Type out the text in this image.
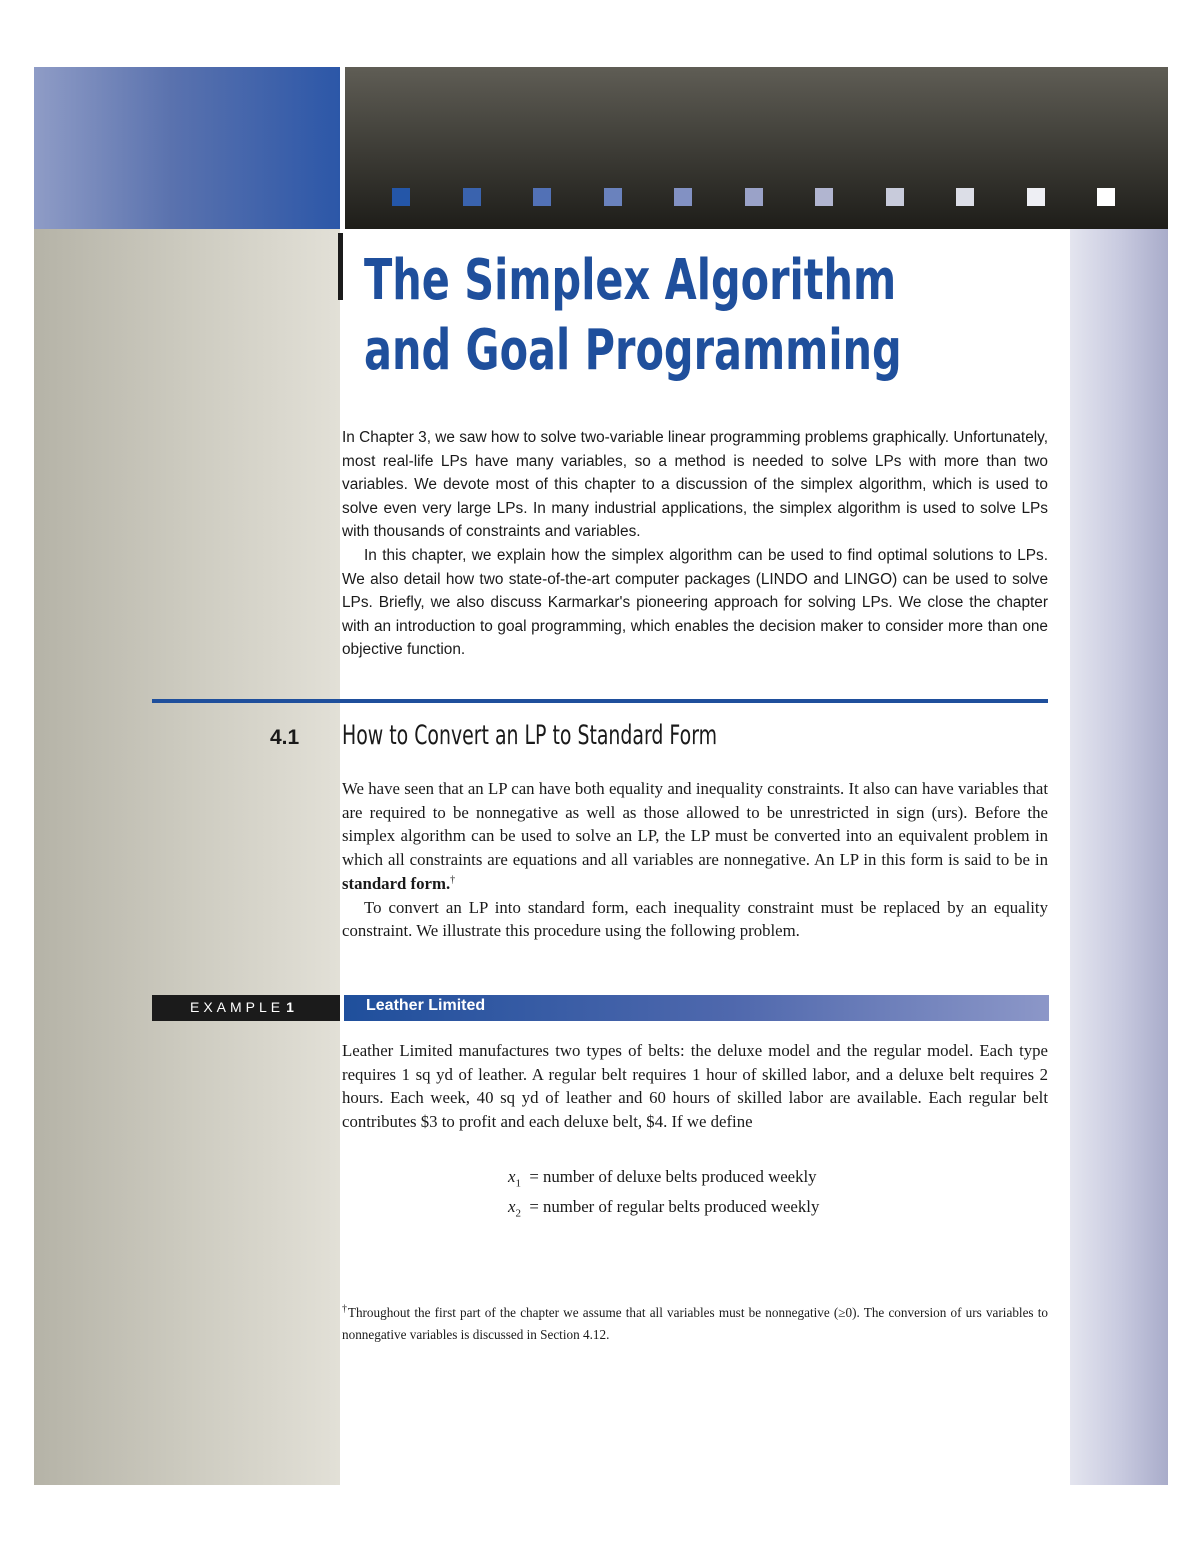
The Simplex Algorithm
and Goal Programming

In Chapter 3, we saw how to solve two-variable linear programming problems graphically. Unfortunately, most real-life LPs have many variables, so a method is needed to solve LPs with more than two variables. We devote most of this chapter to a discussion of the simplex algorithm, which is used to solve even very large LPs. In many industrial applications, the simplex algorithm is used to solve LPs with thousands of constraints and variables.

In this chapter, we explain how the simplex algorithm can be used to find optimal solutions to LPs. We also detail how two state-of-the-art computer packages (LINDO and LINGO) can be used to solve LPs. Briefly, we also discuss Karmarkar's pioneering approach for solving LPs. We close the chapter with an introduction to goal programming, which enables the decision maker to consider more than one objective function.

4.1	How to Convert an LP to Standard Form

We have seen that an LP can have both equality and inequality constraints. It also can have variables that are required to be nonnegative as well as those allowed to be unrestricted in sign (urs). Before the simplex algorithm can be used to solve an LP, the LP must be converted into an equivalent problem in which all constraints are equations and all variables are nonnegative. An LP in this form is said to be in standard form.†

To convert an LP into standard form, each inequality constraint must be replaced by an equality constraint. We illustrate this procedure using the following problem.

EXAMPLE 1	Leather Limited

Leather Limited manufactures two types of belts: the deluxe model and the regular model. Each type requires 1 sq yd of leather. A regular belt requires 1 hour of skilled labor, and a deluxe belt requires 2 hours. Each week, 40 sq yd of leather and 60 hours of skilled labor are available. Each regular belt contributes $3 to profit and each deluxe belt, $4. If we define

$x_1$ = number of deluxe belts produced weekly
$x_2$ = number of regular belts produced weekly

†Throughout the first part of the chapter we assume that all variables must be nonnegative (≥0). The conversion of urs variables to nonnegative variables is discussed in Section 4.12.
